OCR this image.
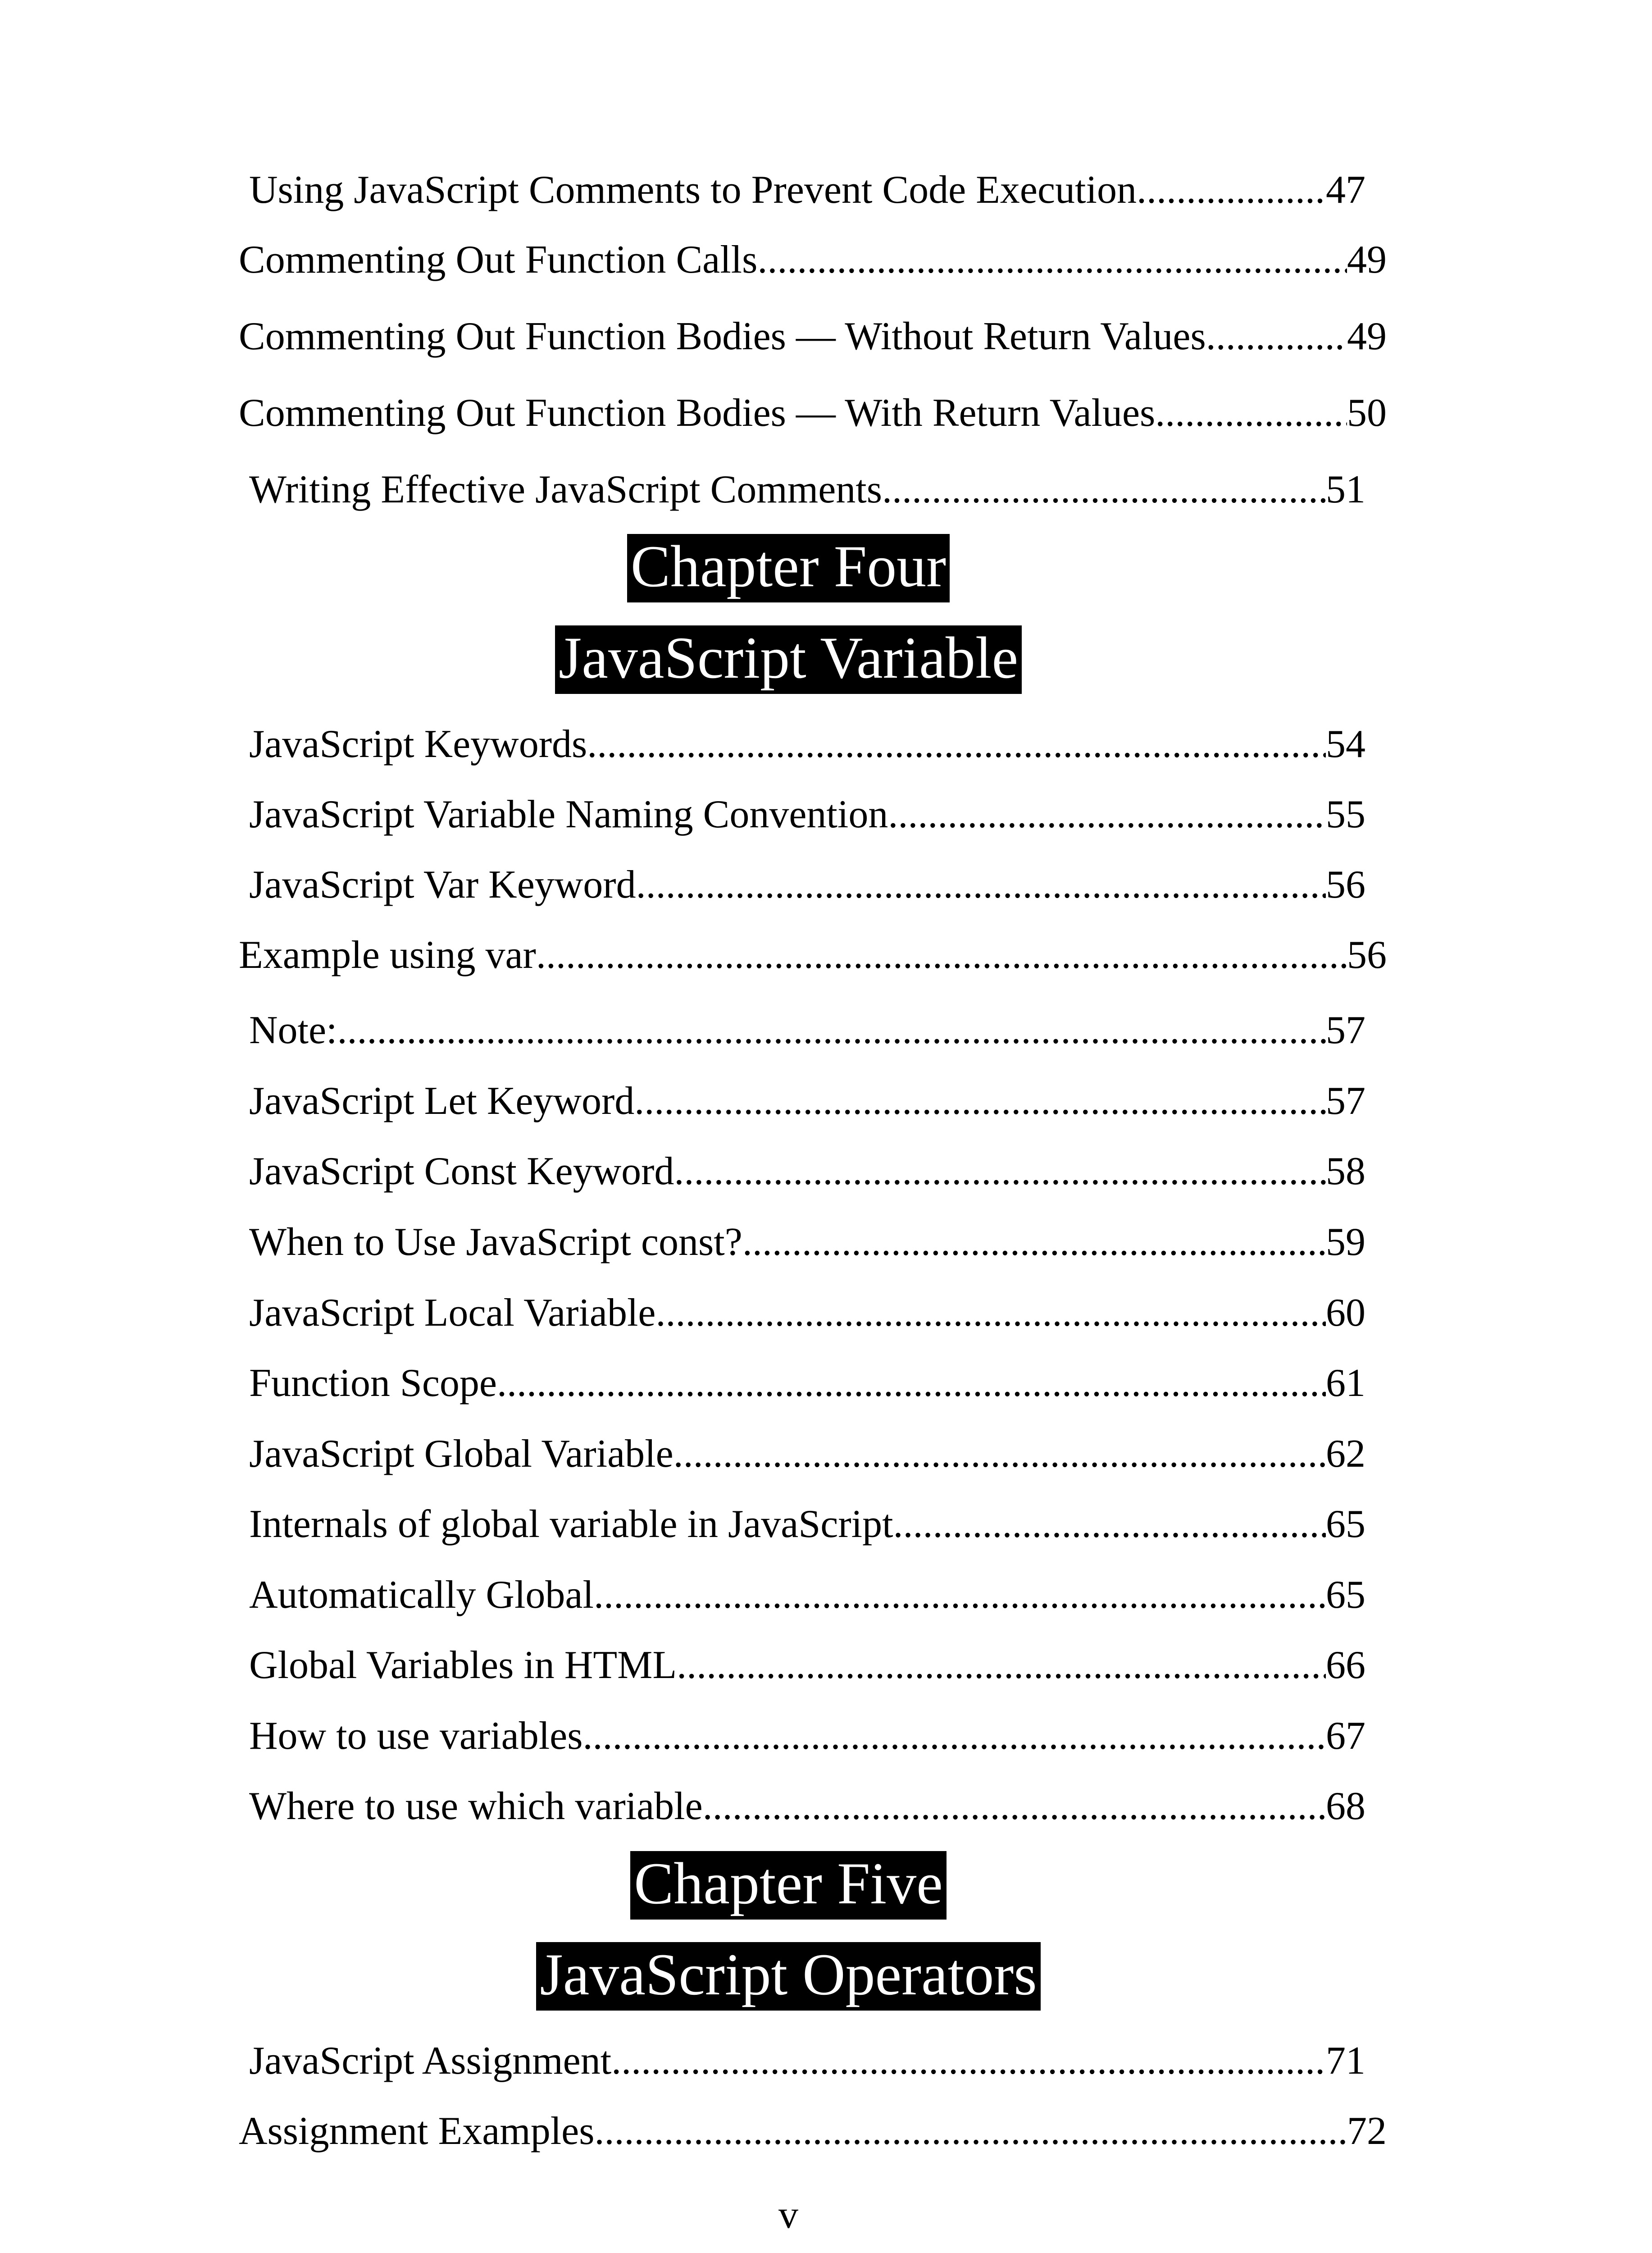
Using JavaScript Comments to Prevent Code Execution .....	47
Commenting Out Function Calls .....	49
Commenting Out Function Bodies — Without Return Values .....	49
Commenting Out Function Bodies — With Return Values .....	50
Writing Effective JavaScript Comments .....	51
Chapter Four
JavaScript Variable
JavaScript Keywords .....	54
JavaScript Variable Naming Convention .....	55
JavaScript Var Keyword .....	56
Example using var .....	56
Note: .....	57
JavaScript Let Keyword .....	57
JavaScript Const Keyword .....	58
When to Use JavaScript const? .....	59
JavaScript Local Variable .....	60
Function Scope .....	61
JavaScript Global Variable .....	62
Internals of global variable in JavaScript .....	65
Automatically Global .....	65
Global Variables in HTML .....	66
How to use variables .....	67
Where to use which variable .....	68
Chapter Five
JavaScript Operators
JavaScript Assignment .....	71
Assignment Examples .....	72
v
